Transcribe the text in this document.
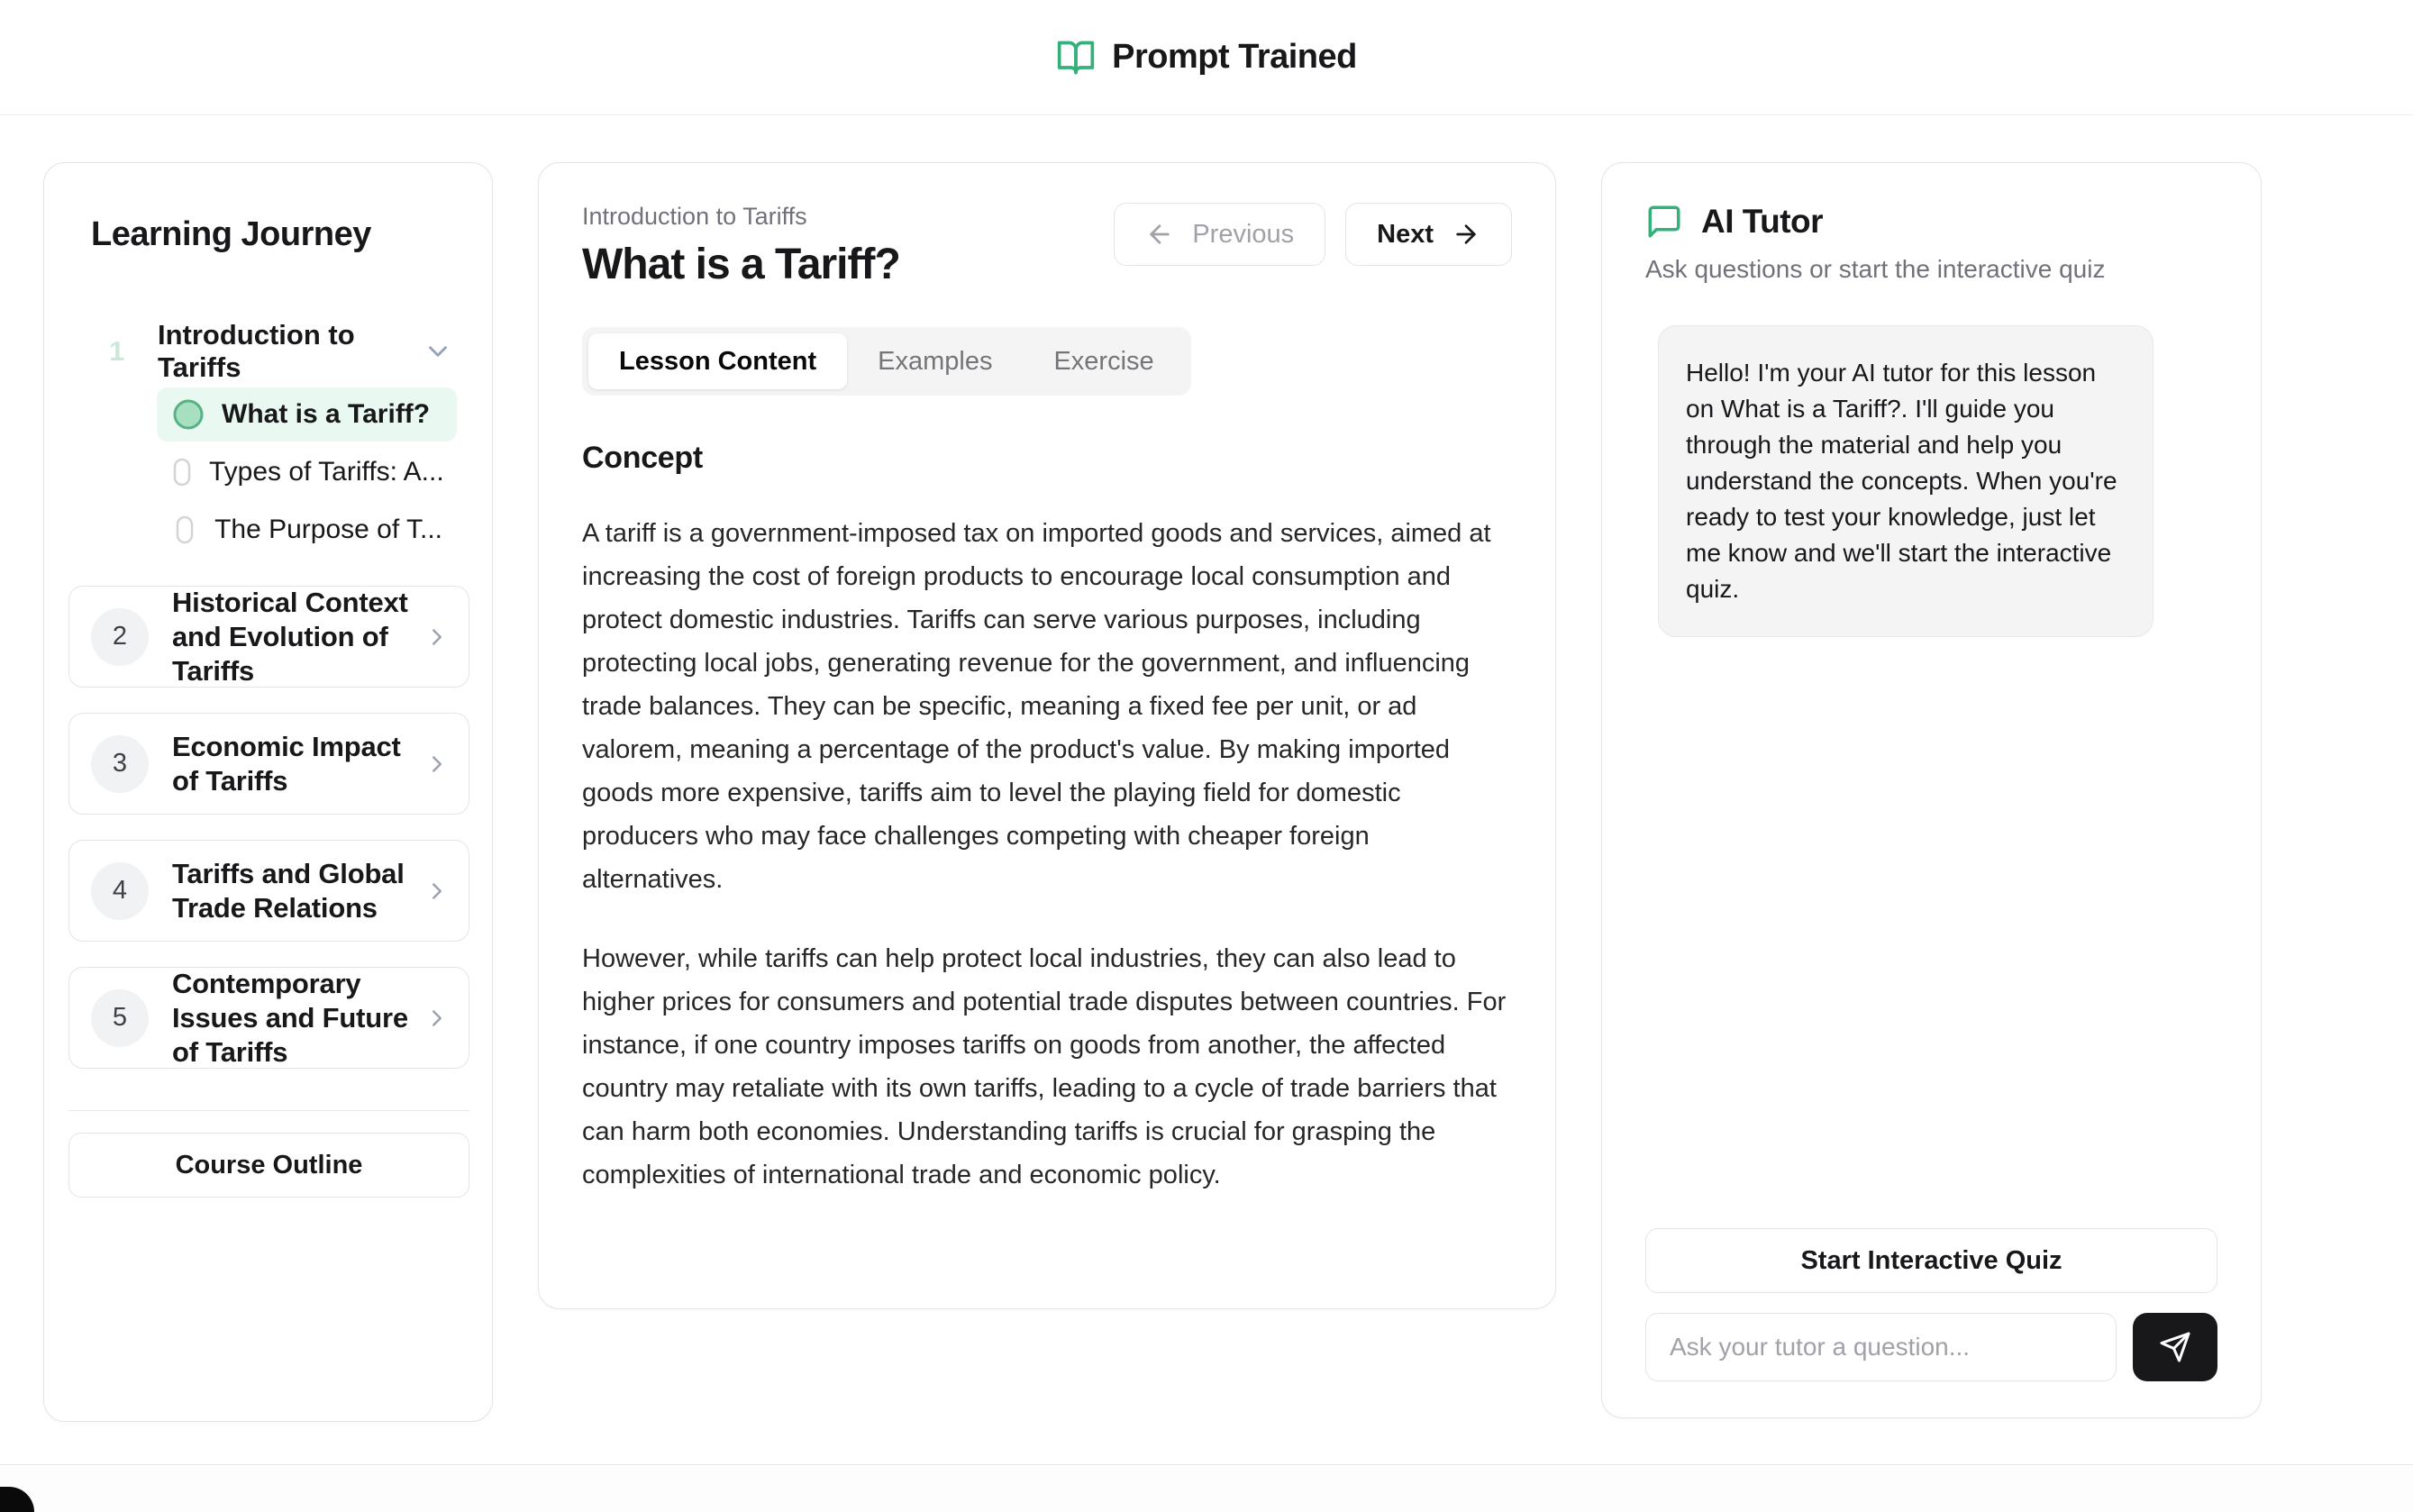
Prompt Trained
Learning Journey
1
Introduction to Tariffs
What is a Tariff?
Types of Tariffs: A...
The Purpose of T...
2
Historical Context and Evolution of Tariffs
3
Economic Impact of Tariffs
4
Tariffs and Global Trade Relations
5
Contemporary Issues and Future of Tariffs
Course Outline
Introduction to Tariffs
What is a Tariff?
Previous	Next
Lesson Content	Examples	Exercise
Concept

A tariff is a government-imposed tax on imported goods and services, aimed at increasing the cost of foreign products to encourage local consumption and protect domestic industries. Tariffs can serve various purposes, including protecting local jobs, generating revenue for the government, and influencing trade balances. They can be specific, meaning a fixed fee per unit, or ad valorem, meaning a percentage of the product's value. By making imported goods more expensive, tariffs aim to level the playing field for domestic producers who may face challenges competing with cheaper foreign alternatives.

However, while tariffs can help protect local industries, they can also lead to higher prices for consumers and potential trade disputes between countries. For instance, if one country imposes tariffs on goods from another, the affected country may retaliate with its own tariffs, leading to a cycle of trade barriers that can harm both economies. Understanding tariffs is crucial for grasping the complexities of international trade and economic policy.

AI Tutor
Ask questions or start the interactive quiz
Hello! I'm your AI tutor for this lesson on What is a Tariff?. I'll guide you through the material and help you understand the concepts. When you're ready to test your knowledge, just let me know and we'll start the interactive quiz.
Start Interactive Quiz
Ask your tutor a question...
